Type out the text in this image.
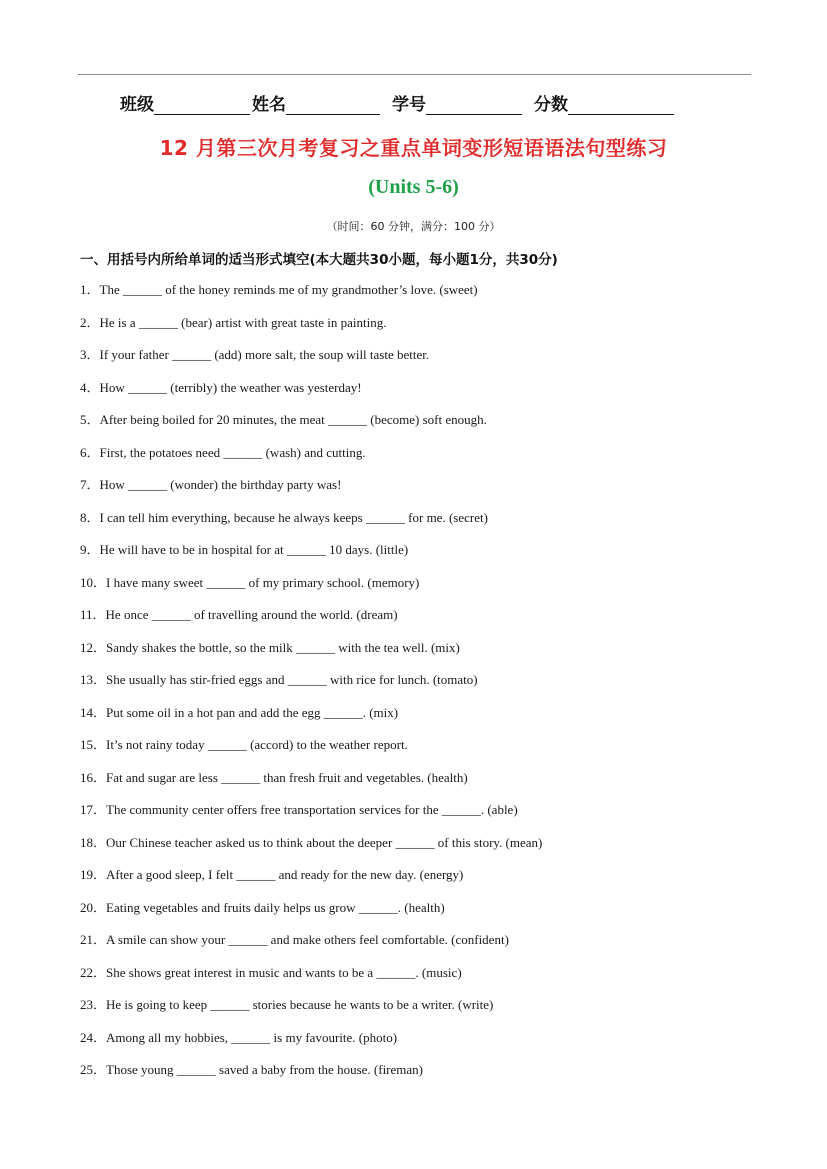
班级	姓名	学号	分数
12 月第三次月考复习之重点单词变形短语语法句型练习
(Units 5-6)
（时间：60 分钟，满分：100 分）
一、用括号内所给单词的适当形式填空(本大题共30小题，每小题1分，共30分)
1．The ______ of the honey reminds me of my grandmother’s love. (sweet)
2．He is a ______ (bear) artist with great taste in painting.
3．If your father ______ (add) more salt, the soup will taste better.
4．How ______ (terribly) the weather was yesterday!
5．After being boiled for 20 minutes, the meat ______ (become) soft enough.
6．First, the potatoes need ______ (wash) and cutting.
7．How ______ (wonder) the birthday party was!
8．I can tell him everything, because he always keeps ______ for me. (secret)
9．He will have to be in hospital for at ______ 10 days. (little)
10．I have many sweet ______ of my primary school. (memory)
11．He once ______ of travelling around the world. (dream)
12．Sandy shakes the bottle, so the milk ______ with the tea well. (mix)
13．She usually has stir-fried eggs and ______ with rice for lunch. (tomato)
14．Put some oil in a hot pan and add the egg ______. (mix)
15．It’s not rainy today ______ (accord) to the weather report.
16．Fat and sugar are less ______ than fresh fruit and vegetables. (health)
17．The community center offers free transportation services for the ______. (able)
18．Our Chinese teacher asked us to think about the deeper ______ of this story. (mean)
19．After a good sleep, I felt ______ and ready for the new day. (energy)
20．Eating vegetables and fruits daily helps us grow ______. (health)
21．A smile can show your ______ and make others feel comfortable. (confident)
22．She shows great interest in music and wants to be a ______. (music)
23．He is going to keep ______ stories because he wants to be a writer. (write)
24．Among all my hobbies, ______ is my favourite. (photo)
25．Those young ______ saved a baby from the house. (fireman)
